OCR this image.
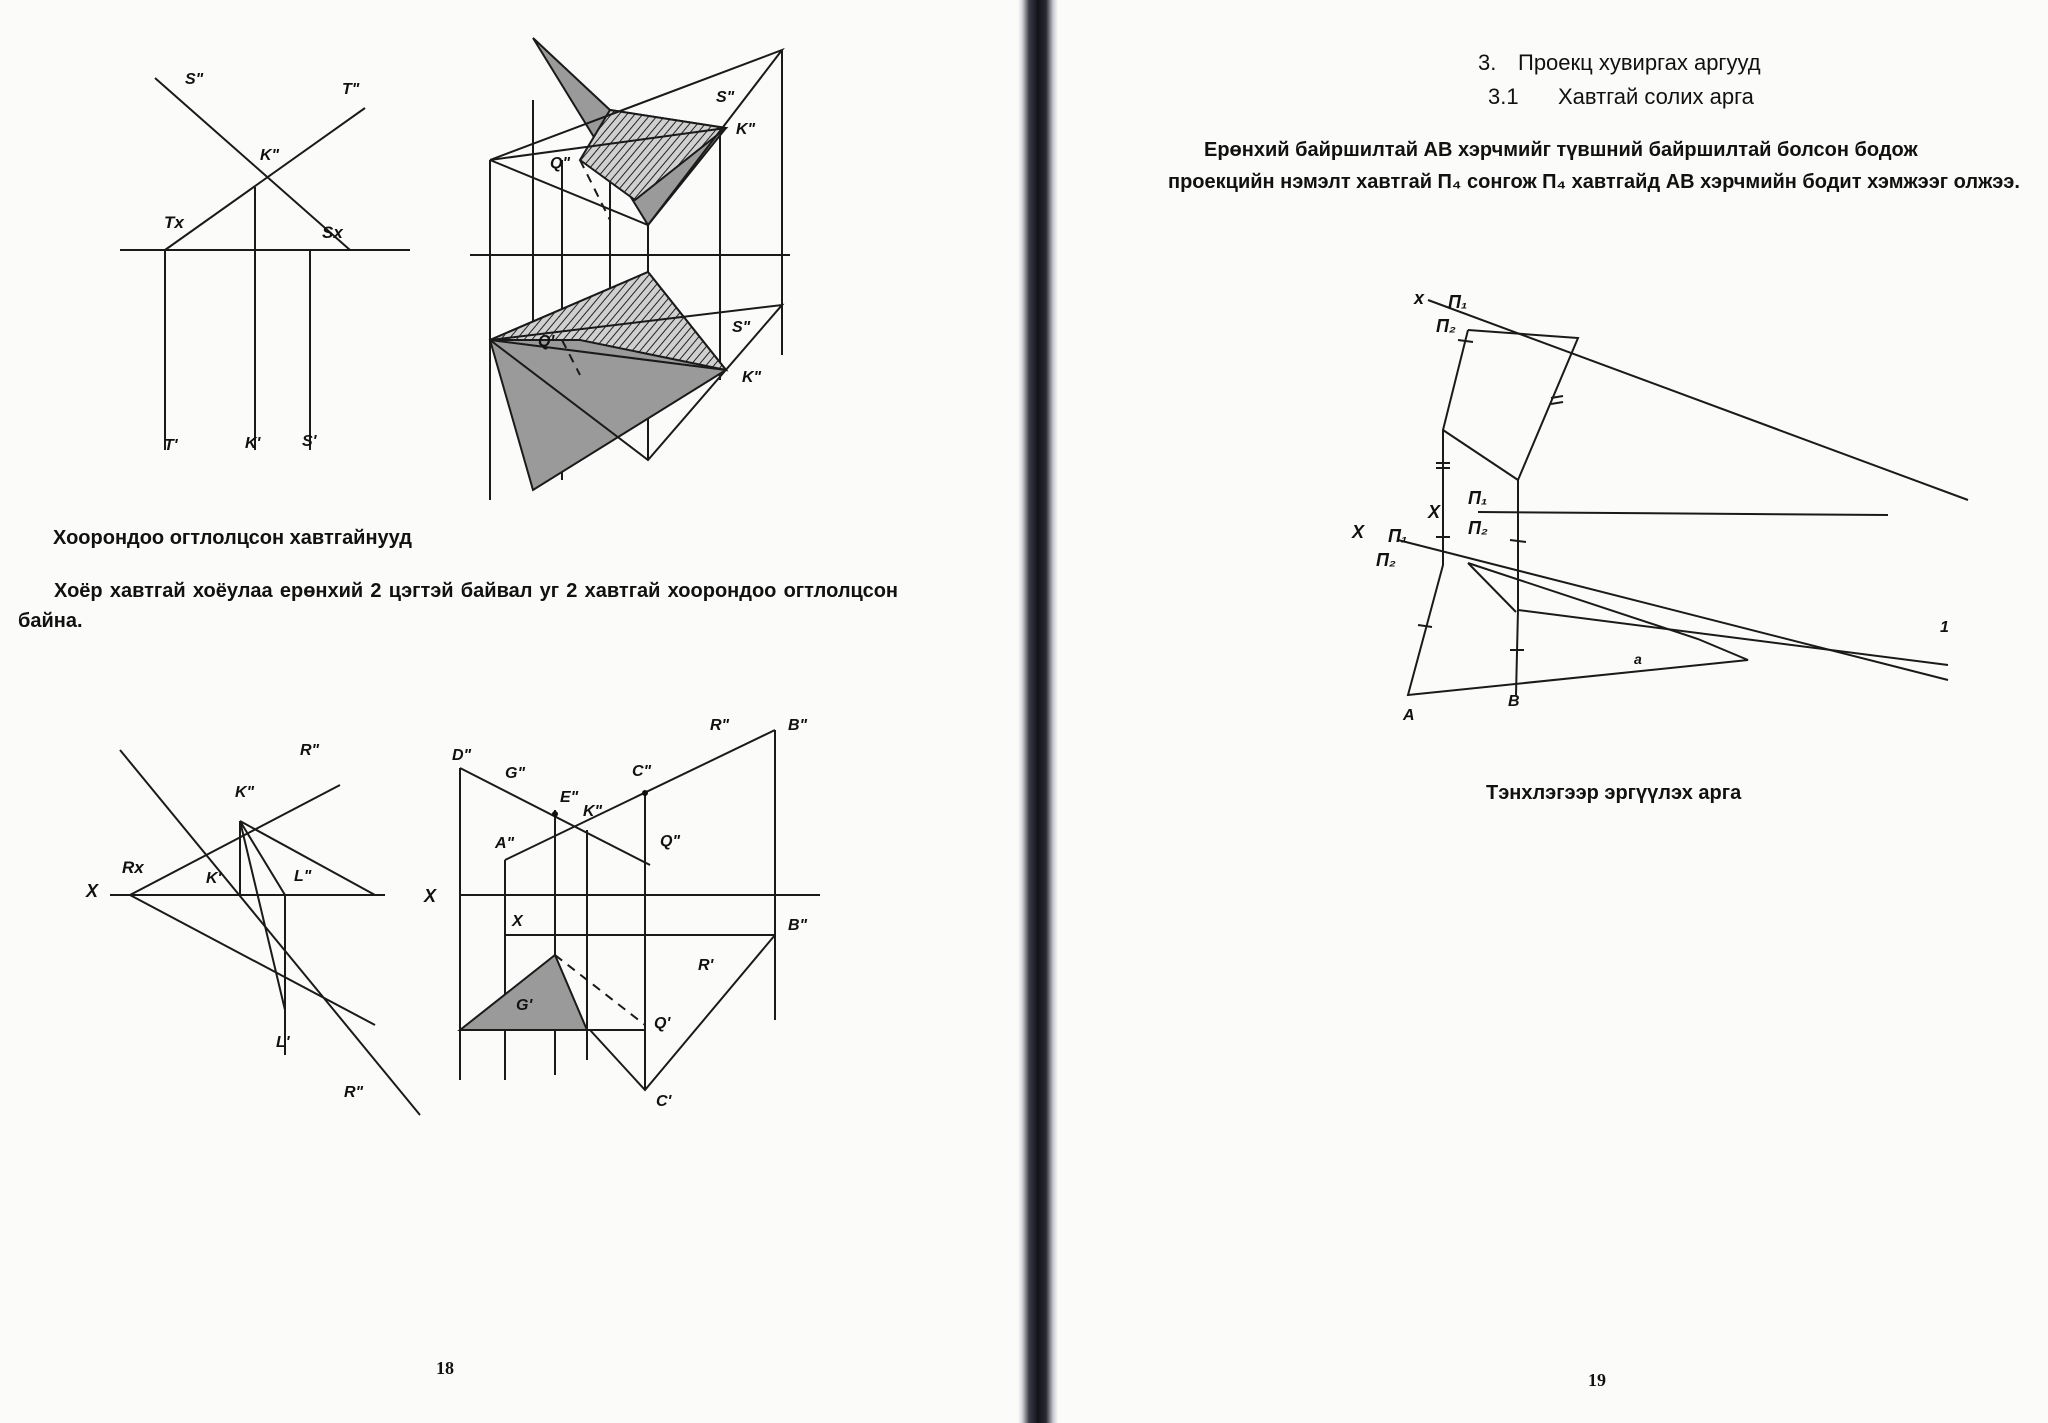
S"
T"
K"
Tx
Sx
T'	K'	S'
S"
K"
Q"
S"
Q'
K"
R"
K"
Rx
X
K'	L"
L'
R"
D"
G"
E"
K"
C"
R"	B"
A"	Q"
X
X	B"
R'
G'
Q'
C'
Хоорондоо огтлолцсон хавтгайнууд
Хоёр хавтгай хоёулаа ерөнхий 2 цэгтэй байвал уг 2 хавтгай хоорондоо огтлолцсон байна.
18
3. Проекц хувиргах аргууд
3.1 Хавтгай солих арга
Ерөнхий байршилтай АВ хэрчмийг түвшний байршилтай болсон бодож проекцийн нэмэлт хавтгай П₄ сонгож П₄ хавтгайд АВ хэрчмийн бодит хэмжээг олжээ.
x П₁
П₂
X
П₁
П₂
X П₁
П₂
A
B
1
a
Тэнхлэгээр эргүүлэх арга
19
